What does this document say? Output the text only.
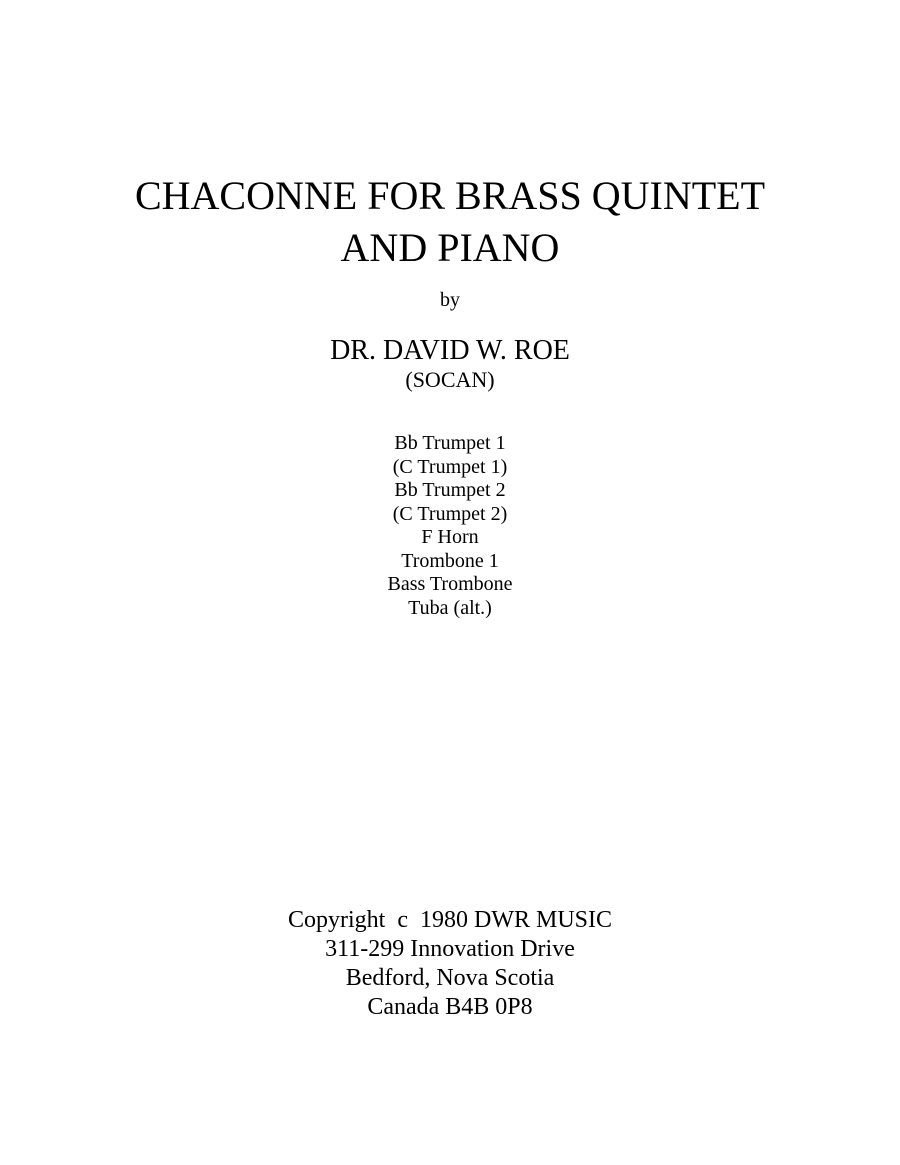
CHACONNE FOR BRASS QUINTET
AND PIANO
by
DR. DAVID W. ROE
(SOCAN)
Bb Trumpet 1
(C Trumpet 1)
Bb Trumpet 2
(C Trumpet 2)
F Horn
Trombone 1
Bass Trombone
Tuba (alt.)
Copyright  c  1980 DWR MUSIC
311-299 Innovation Drive
Bedford, Nova Scotia
Canada B4B 0P8
